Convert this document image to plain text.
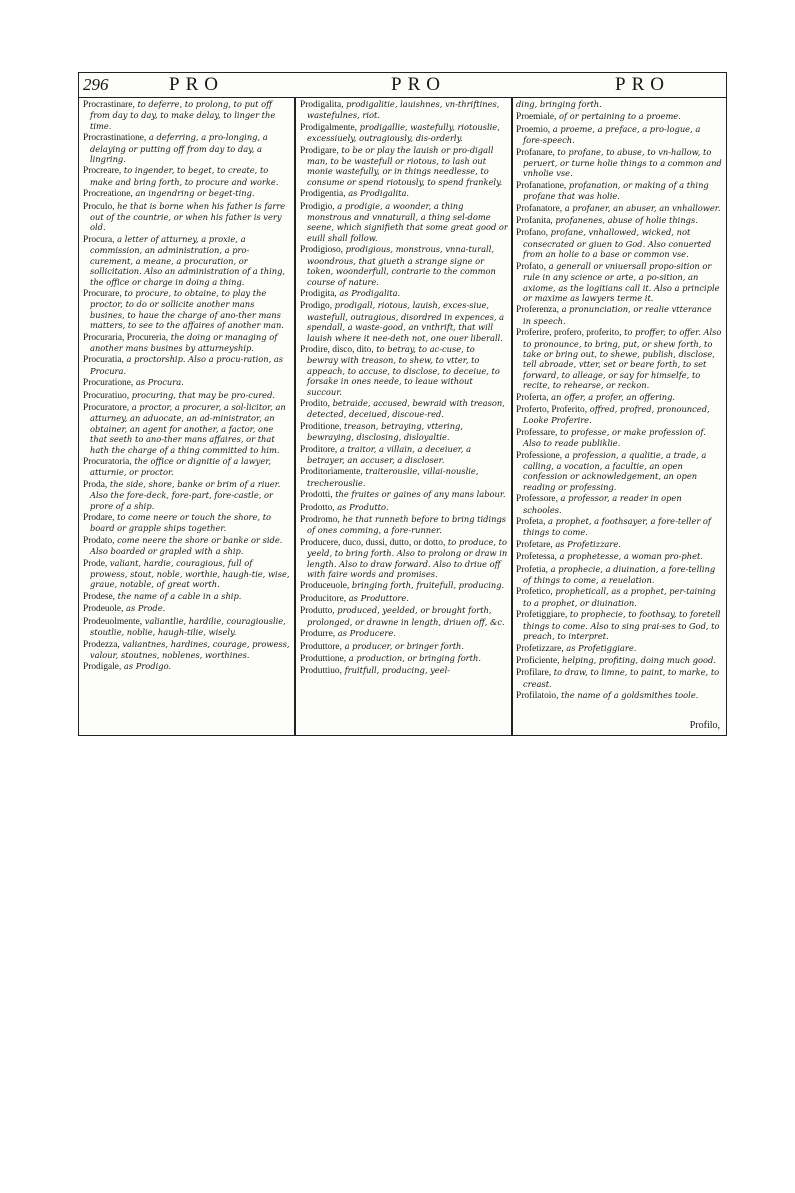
296	PRO	PRO	PRO

Procrastinare, to deferre, to prolong, to put off from day to day, to make delay, to linger the time.

Procrastinatione, a deferring, a pro-longing, a delaying or putting off from day to day, a lingring.

Procreare, to ingender, to beget, to create, to make and bring forth, to procure and worke.

Procreatione, an ingendring or beget-ting.

Proculo, he that is borne when his father is farre out of the countrie, or when his father is very old.

Procura, a letter of atturney, a proxie, a commission, an administration, a pro-curement, a meane, a procuration, or sollicitation. Also an administration of a thing, the office or charge in doing a thing.

Procurare, to procure, to obtaine, to play the proctor, to do or sollicite another mans busines, to haue the charge of ano-ther mans matters, to see to the affaires of another man.

Procuraria, Procureria, the doing or managing of another mans busines by atturneyship.

Procuratia, a proctorship. Also a procu-ration, as Procura.

Procuratione, as Procura.

Procuratiuo, procuring, that may be pro-cured.

Procuratore, a proctor, a procurer, a sol-licitor, an atturney, an aduocate, an ad-ministrator, an obtainer, an agent for another, a factor, one that seeth to ano-ther mans affaires, or that hath the charge of a thing committed to him.

Procuratoria, the office or dignitie of a lawyer, atturnie, or proctor.

Proda, the side, shore, banke or brim of a riuer. Also the fore-deck, fore-part, fore-castle, or prore of a ship.

Prodare, to come neere or touch the shore, to board or grapple ships together.

Prodato, come neere the shore or banke or side. Also boarded or grapled with a ship.

Prode, valiant, hardie, couragious, full of prowess, stout, noble, worthie, haugh-tie, wise, graue, notable, of great worth.

Prodese, the name of a cable in a ship.

Prodeuole, as Prode.

Prodeuolmente, valiantlie, hardilie, couragiouslie, stoutlie, noblie, haugh-tilie, wisely.

Prodezza, valiantnes, hardines, courage, prowess, valour, stoutnes, noblenes, worthines.

Prodigale, as Prodigo.

Prodigalita, prodigalitie, lauishnes, vn-thriftines, wastefulnes, riot.

Prodigalmente, prodigallie, wastefully, riotouslie, excessiuely, outragiously, dis-orderly.

Prodigare, to be or play the lauish or pro-digall man, to be wastefull or riotous, to lash out monie wastefully, or in things needlesse, to consume or spend riotously, to spend frankely.

Prodigentia, as Prodigalita.

Prodigio, a prodigie, a woonder, a thing monstrous and vnnaturall, a thing sel-dome seene, which signifieth that some great good or euill shall follow.

Prodigioso, prodigious, monstrous, vnna-turall, woondrous, that giueth a strange signe or token, woonderfull, contrarie to the common course of nature.

Prodigita, as Prodigalita.

Prodigo, prodigall, riotous, lauish, exces-siue, wastefull, outragious, disordred in expences, a spendall, a waste-good, an vnthrift, that will lauish where it nee-deth not, one ouer liberall.

Prodire, disco, dito, to betray, to ac-cuse, to bewray with treason, to shew, to vtter, to appeach, to accuse, to disclose, to deceiue, to forsake in ones neede, to leaue without succour.

Prodito, betraide, accused, bewraid with treason, detected, deceiued, discoue-red.

Proditione, treason, betraying, vttering, bewraying, disclosing, disloyaltie.

Proditore, a traitor, a villain, a deceiuer, a betrayer, an accuser, a discloser.

Proditoriamente, traiterouslie, villai-nouslie, trecherouslie.

Prodotti, the fruites or gaines of any mans labour.

Prodotto, as Produtto.

Prodromo, he that runneth before to bring tidings of ones comming, a fore-runner.

Producere, duco, dussi, dutto, or dotto, to produce, to yeeld, to bring forth. Also to prolong or draw in length. Also to draw forward. Also to driue off with faire words and promises.

Produceuole, bringing forth, fruitefull, producing.

Producitore, as Produttore.

Produtto, produced, yeelded, or brought forth, prolonged, or drawne in length, driuen off, &c.

Produrre, as Producere.

Produttore, a producer, or bringer forth.

Produttione, a production, or bringing forth.

Produttiuo, fruitfull, producing, yeel-

ding, bringing forth.

Proemiale, of or pertaining to a proeme.

Proemio, a proeme, a preface, a pro-logue, a fore-speech.

Profanare, to profane, to abuse, to vn-hallow, to peruert, or turne holie things to a common and vnholie vse.

Profanatione, profanation, or making of a thing profane that was holie.

Profanatore, a profaner, an abuser, an vnhallower.

Profanita, profanenes, abuse of holie things.

Profano, profane, vnhallowed, wicked, not consecrated or giuen to God. Also conuerted from an holie to a base or common vse.

Profato, a generall or vniuersall propo-sition or rule in any science or arte, a po-sition, an axiome, as the logitians call it. Also a principle or maxime as lawyers terme it.

Proferenza, a pronunciation, or realie vtterance in speech.

Proferire, profero, proferito, to proffer, to offer. Also to pronounce, to bring, put, or shew forth, to take or bring out, to shewe, publish, disclose, tell abroade, vtter, set or beare forth, to set forward, to alleage, or say for himselfe, to recite, to rehearse, or reckon.

Proferta, an offer, a profer, an offering.

Proferto, Proferito, offred, profred, pronounced, Looke Proferire.

Professare, to professe, or make profession of. Also to reade publiklie.

Professione, a profession, a qualitie, a trade, a calling, a vocation, a facultie, an open confession or acknowledgement, an open reading or professing.

Professore, a professor, a reader in open schooles.

Profeta, a prophet, a foothsayer, a fore-teller of things to come.

Profetare, as Profetizzare.

Profetessa, a prophetesse, a woman pro-phet.

Profetia, a prophecie, a diuination, a fore-telling of things to come, a reuelation.

Profetico, propheticall, as a prophet, per-taining to a prophet, or diuination.

Profetiggiare, to prophecie, to foothsay, to foretell things to come. Also to sing prai-ses to God, to preach, to interpret.

Profetizzare, as Profetiggiare.

Proficiente, helping, profiting, doing much good.

Profilare, to draw, to limne, to paint, to marke, to creast.

Profilatoio, the name of a goldsmithes toole.

Profilo,
